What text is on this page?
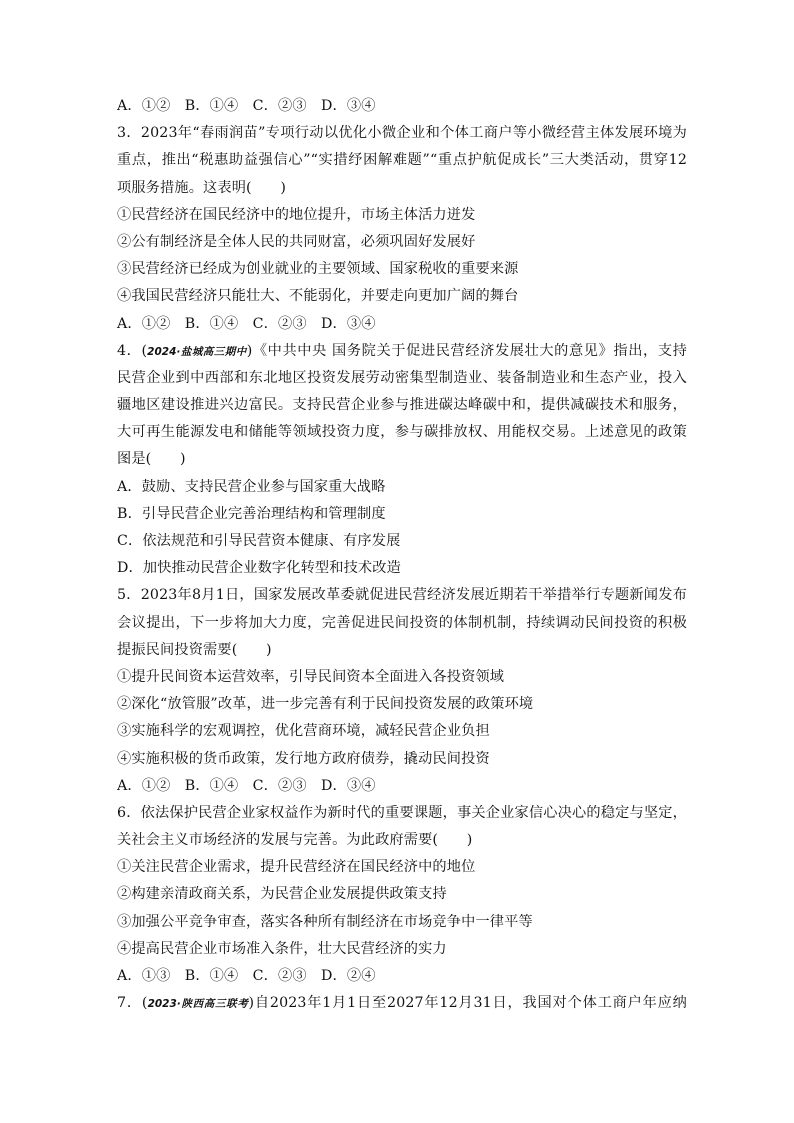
A．①②　B．①④　C．②③　D．③④
3．2023年“春雨润苗”专项行动以优化小微企业和个体工商户等小微经营主体发展环境为
重点，推出“税惠助益强信心”“实措纾困解难题”“重点护航促成长”三大类活动，贯穿12
项服务措施。这表明(　　)
①民营经济在国民经济中的地位提升，市场主体活力迸发
②公有制经济是全体人民的共同财富，必须巩固好发展好
③民营经济已经成为创业就业的主要领域、国家税收的重要来源
④我国民营经济只能壮大、不能弱化，并要走向更加广阔的舞台
A．①②　B．①④　C．②③　D．③④
4．(2024·盐城高三期中)《中共中央 国务院关于促进民营经济发展壮大的意见》指出，支持
民营企业到中西部和东北地区投资发展劳动密集型制造业、装备制造业和生态产业，投入
疆地区建设推进兴边富民。支持民营企业参与推进碳达峰碳中和，提供减碳技术和服务，
大可再生能源发电和储能等领域投资力度，参与碳排放权、用能权交易。上述意见的政策
图是(　　)
A．鼓励、支持民营企业参与国家重大战略
B．引导民营企业完善治理结构和管理制度
C．依法规范和引导民营资本健康、有序发展
D．加快推动民营企业数字化转型和技术改造
5．2023年8月1日，国家发展改革委就促进民营经济发展近期若干举措举行专题新闻发布
会议提出，下一步将加大力度，完善促进民间投资的体制机制，持续调动民间投资的积极
提振民间投资需要(　　)
①提升民间资本运营效率，引导民间资本全面进入各投资领域
②深化“放管服”改革，进一步完善有利于民间投资发展的政策环境
③实施科学的宏观调控，优化营商环境，减轻民营企业负担
④实施积极的货币政策，发行地方政府债券，撬动民间投资
A．①②　B．①④　C．②③　D．③④
6．依法保护民营企业家权益作为新时代的重要课题，事关企业家信心决心的稳定与坚定，
关社会主义市场经济的发展与完善。为此政府需要(　　)
①关注民营企业需求，提升民营经济在国民经济中的地位
②构建亲清政商关系，为民营企业发展提供政策支持
③加强公平竞争审查，落实各种所有制经济在市场竞争中一律平等
④提高民营企业市场准入条件，壮大民营经济的实力
A．①③　B．①④　C．②③　D．②④
7．(2023·陕西高三联考)自2023年1月1日至2027年12月31日，我国对个体工商户年应纳
